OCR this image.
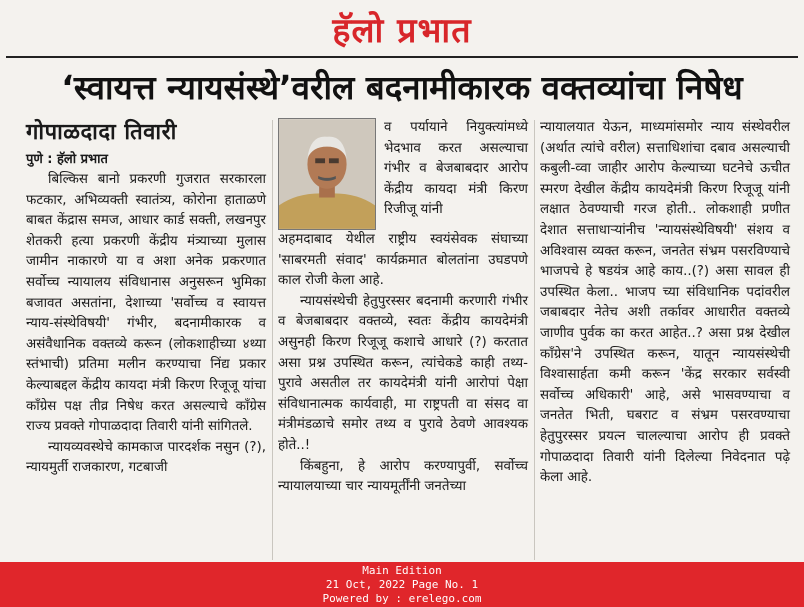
हॅलो प्रभात
‘स्वायत्त न्यायसंस्थे’वरील बदनामीकारक वक्तव्यांचा निषेध
गोपाळदादा तिवारी
पुणे : हॅलो प्रभात

बिल्किस बानो प्रकरणी गुजरात सरकारला फटकार, अभिव्यक्ती स्वातंत्र्य, कोरोना हाताळणे बाबत केंद्रास समज, आधार कार्ड सक्ती, लखनपुर शेतकरी हत्या प्रकरणी केंद्रीय मंत्र्याच्या मुलास जामीन नाकारणे या व अशा अनेक प्रकरणात सर्वोच्च न्यायालय संविधानास अनुसरून भुमिका बजावत असतांना, देशाच्या 'सर्वोच्च व स्वायत्त न्याय-संस्थेविषयी' गंभीर, बदनामीकारक व असंवैधानिक वक्तव्ये करून (लोकशाहीच्या ४थ्या स्तंभाची) प्रतिमा मलीन करण्याचा निंद्य प्रकार केल्याबद्दल केंद्रीय कायदा मंत्री किरण रिजूजू यांचा कॉंग्रेस पक्ष तीव्र निषेध करत असल्याचे कॉंग्रेस राज्य प्रवक्ते गोपाळदादा तिवारी यांनी सांगितले.

न्यायव्यवस्थेचे कामकाज पारदर्शक नसुन (?), न्यायमुर्ती राजकारण, गटबाजी

व पर्यायाने नियुक्त्यांमध्ये भेदभाव करत असल्याचा गंभीर व बेजबाबदार आरोप केंद्रीय कायदा मंत्री किरण रिजीजू यांनी

अहमदाबाद येथील राष्ट्रीय स्वयंसेवक संघाच्या 'साबरमती संवाद' कार्यक्रमात बोलतांना उघडपणे काल रोजी केला आहे.

न्यायसंस्थेची हेतुपुरस्सर बदनामी करणारी गंभीर व बेजबाबदार वक्तव्ये, स्वतः केंद्रीय कायदेमंत्री असुनही किरण रिजूजू कशाचे आधारे (?) करतात असा प्रश्न उपस्थित करून, त्यांचेकडे काही तथ्य-पुरावे असतील तर कायदेमंत्री यांनी आरोपां पेक्षा संविधानात्मक कार्यवाही, मा राष्ट्रपती वा संसद वा मंत्रीमंडळाचे समोर तथ्य व पुरावे ठेवणे आवश्यक होते..!

किंबहुना, हे आरोप करण्यापुर्वी, सर्वोच्च न्यायालयाच्या चार न्यायमूर्तींनी जनतेच्या

न्यायालयात येऊन, माध्यमांसमोर न्याय संस्थेवरील (अर्थात त्यांचे वरील) सत्ताधिशांचा दबाव असल्याची कबुली-व्वा जाहीर आरोप केल्याच्या घटनेचे ऊचीत स्मरण देखील केंद्रीय कायदेमंत्री किरण रिजूजू यांनी लक्षात ठेवण्याची गरज होती.. लोकशाही प्रणीत देशात सत्ताधाऱ्यांनीच 'न्यायसंस्थेविषयी' संशय व अविश्वास व्यक्त करून, जनतेत संभ्रम पसरविण्याचे भाजपचे हे षडयंत्र आहे काय..(?) असा सावल ही उपस्थित केला.. भाजप च्या संविधानिक पदांवरील जबाबदार नेतेच अशी तर्कावर आधारीत वक्तव्ये जाणीव पुर्वक का करत आहेत..? असा प्रश्न देखील कॉंग्रेस'ने उपस्थित करून, यातून न्यायसंस्थेची विश्वासार्हता कमी करून 'केंद्र सरकार सर्वस्वी सर्वोच्च अधिकारी' आहे, असे भासवण्याचा व जनतेत भिती, घबराट व संभ्रम पसरवण्याचा हेतुपुरस्सर प्रयत्न चालल्याचा आरोप ही प्रवक्ते गोपाळदादा तिवारी यांनी दिलेल्या निवेदनात पढ़े केला आहे.

Main Edition
21 Oct, 2022 Page No. 1
Powered by : erelego.com
